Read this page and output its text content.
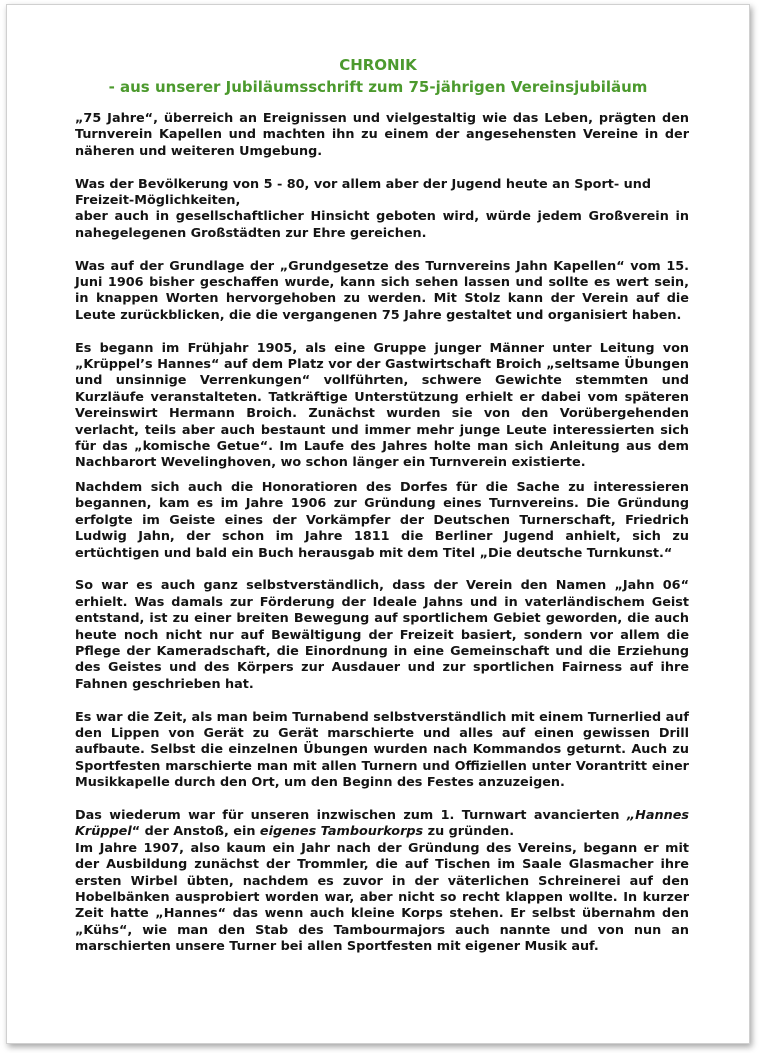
CHRONIK
- aus unserer Jubiläumsschrift zum 75-jährigen Vereinsjubiläum

„75 Jahre“, überreich an Ereignissen und vielgestaltig wie das Leben, prägten den Turnverein Kapellen und machten ihn zu einem der angesehensten Vereine in der näheren und weiteren Umgebung.

Was der Bevölkerung von 5 - 80, vor allem aber der Jugend heute an Sport- und Freizeit-Möglichkeiten,

aber auch in gesellschaftlicher Hinsicht geboten wird, würde jedem Großverein in nahegelegenen Großstädten zur Ehre gereichen.

Was auf der Grundlage der „Grundgesetze des Turnvereins Jahn Kapellen“ vom 15. Juni 1906 bisher geschaffen wurde, kann sich sehen lassen und sollte es wert sein, in knappen Worten hervorgehoben zu werden. Mit Stolz kann der Verein auf die Leute zurückblicken, die die vergangenen 75 Jahre gestaltet und organisiert haben.

Es begann im Frühjahr 1905, als eine Gruppe junger Männer unter Leitung von „Krüppel’s Hannes“ auf dem Platz vor der Gastwirtschaft Broich „seltsame Übungen und unsinnige Verrenkungen“ vollführten, schwere Gewichte stemmten und Kurzläufe veranstalteten. Tatkräftige Unterstützung erhielt er dabei vom späteren Vereinswirt Hermann Broich. Zunächst wurden sie von den Vorübergehenden verlacht, teils aber auch bestaunt und immer mehr junge Leute interessierten sich für das „komische Getue“. Im Laufe des Jahres holte man sich Anleitung aus dem Nachbarort Wevelinghoven, wo schon länger ein Turnverein existierte.

Nachdem sich auch die Honoratioren des Dorfes für die Sache zu interessieren begannen, kam es im Jahre 1906 zur Gründung eines Turnvereins. Die Gründung erfolgte im Geiste eines der Vorkämpfer der Deutschen Turnerschaft, Friedrich Ludwig Jahn, der schon im Jahre 1811 die Berliner Jugend anhielt, sich zu ertüchtigen und bald ein Buch herausgab mit dem Titel „Die deutsche Turnkunst.“

So war es auch ganz selbstverständlich, dass der Verein den Namen „Jahn 06“ erhielt. Was damals zur Förderung der Ideale Jahns und in vaterländischem Geist entstand, ist zu einer breiten Bewegung auf sportlichem Gebiet geworden, die auch heute noch nicht nur auf Bewältigung der Freizeit basiert, sondern vor allem die Pflege der Kameradschaft, die Einordnung in eine Gemeinschaft und die Erziehung des Geistes und des Körpers zur Ausdauer und zur sportlichen Fairness auf ihre Fahnen geschrieben hat.

Es war die Zeit, als man beim Turnabend selbstverständlich mit einem Turnerlied auf den Lippen von Gerät zu Gerät marschierte und alles auf einen gewissen Drill aufbaute. Selbst die einzelnen Übungen wurden nach Kommandos geturnt. Auch zu Sportfesten marschierte man mit allen Turnern und Offiziellen unter Vorantritt einer Musikkapelle durch den Ort, um den Beginn des Festes anzuzeigen.

Das wiederum war für unseren inzwischen zum 1. Turnwart avancierten „Hannes Krüppel“ der Anstoß, ein eigenes Tambourkorps zu gründen.

Im Jahre 1907, also kaum ein Jahr nach der Gründung des Vereins, begann er mit der Ausbildung zunächst der Trommler, die auf Tischen im Saale Glasmacher ihre ersten Wirbel übten, nachdem es zuvor in der väterlichen Schreinerei auf den Hobelbänken ausprobiert worden war, aber nicht so recht klappen wollte. In kurzer Zeit hatte „Hannes“ das wenn auch kleine Korps stehen. Er selbst übernahm den „Kühs“, wie man den Stab des Tambourmajors auch nannte und von nun an marschierten unsere Turner bei allen Sportfesten mit eigener Musik auf.
